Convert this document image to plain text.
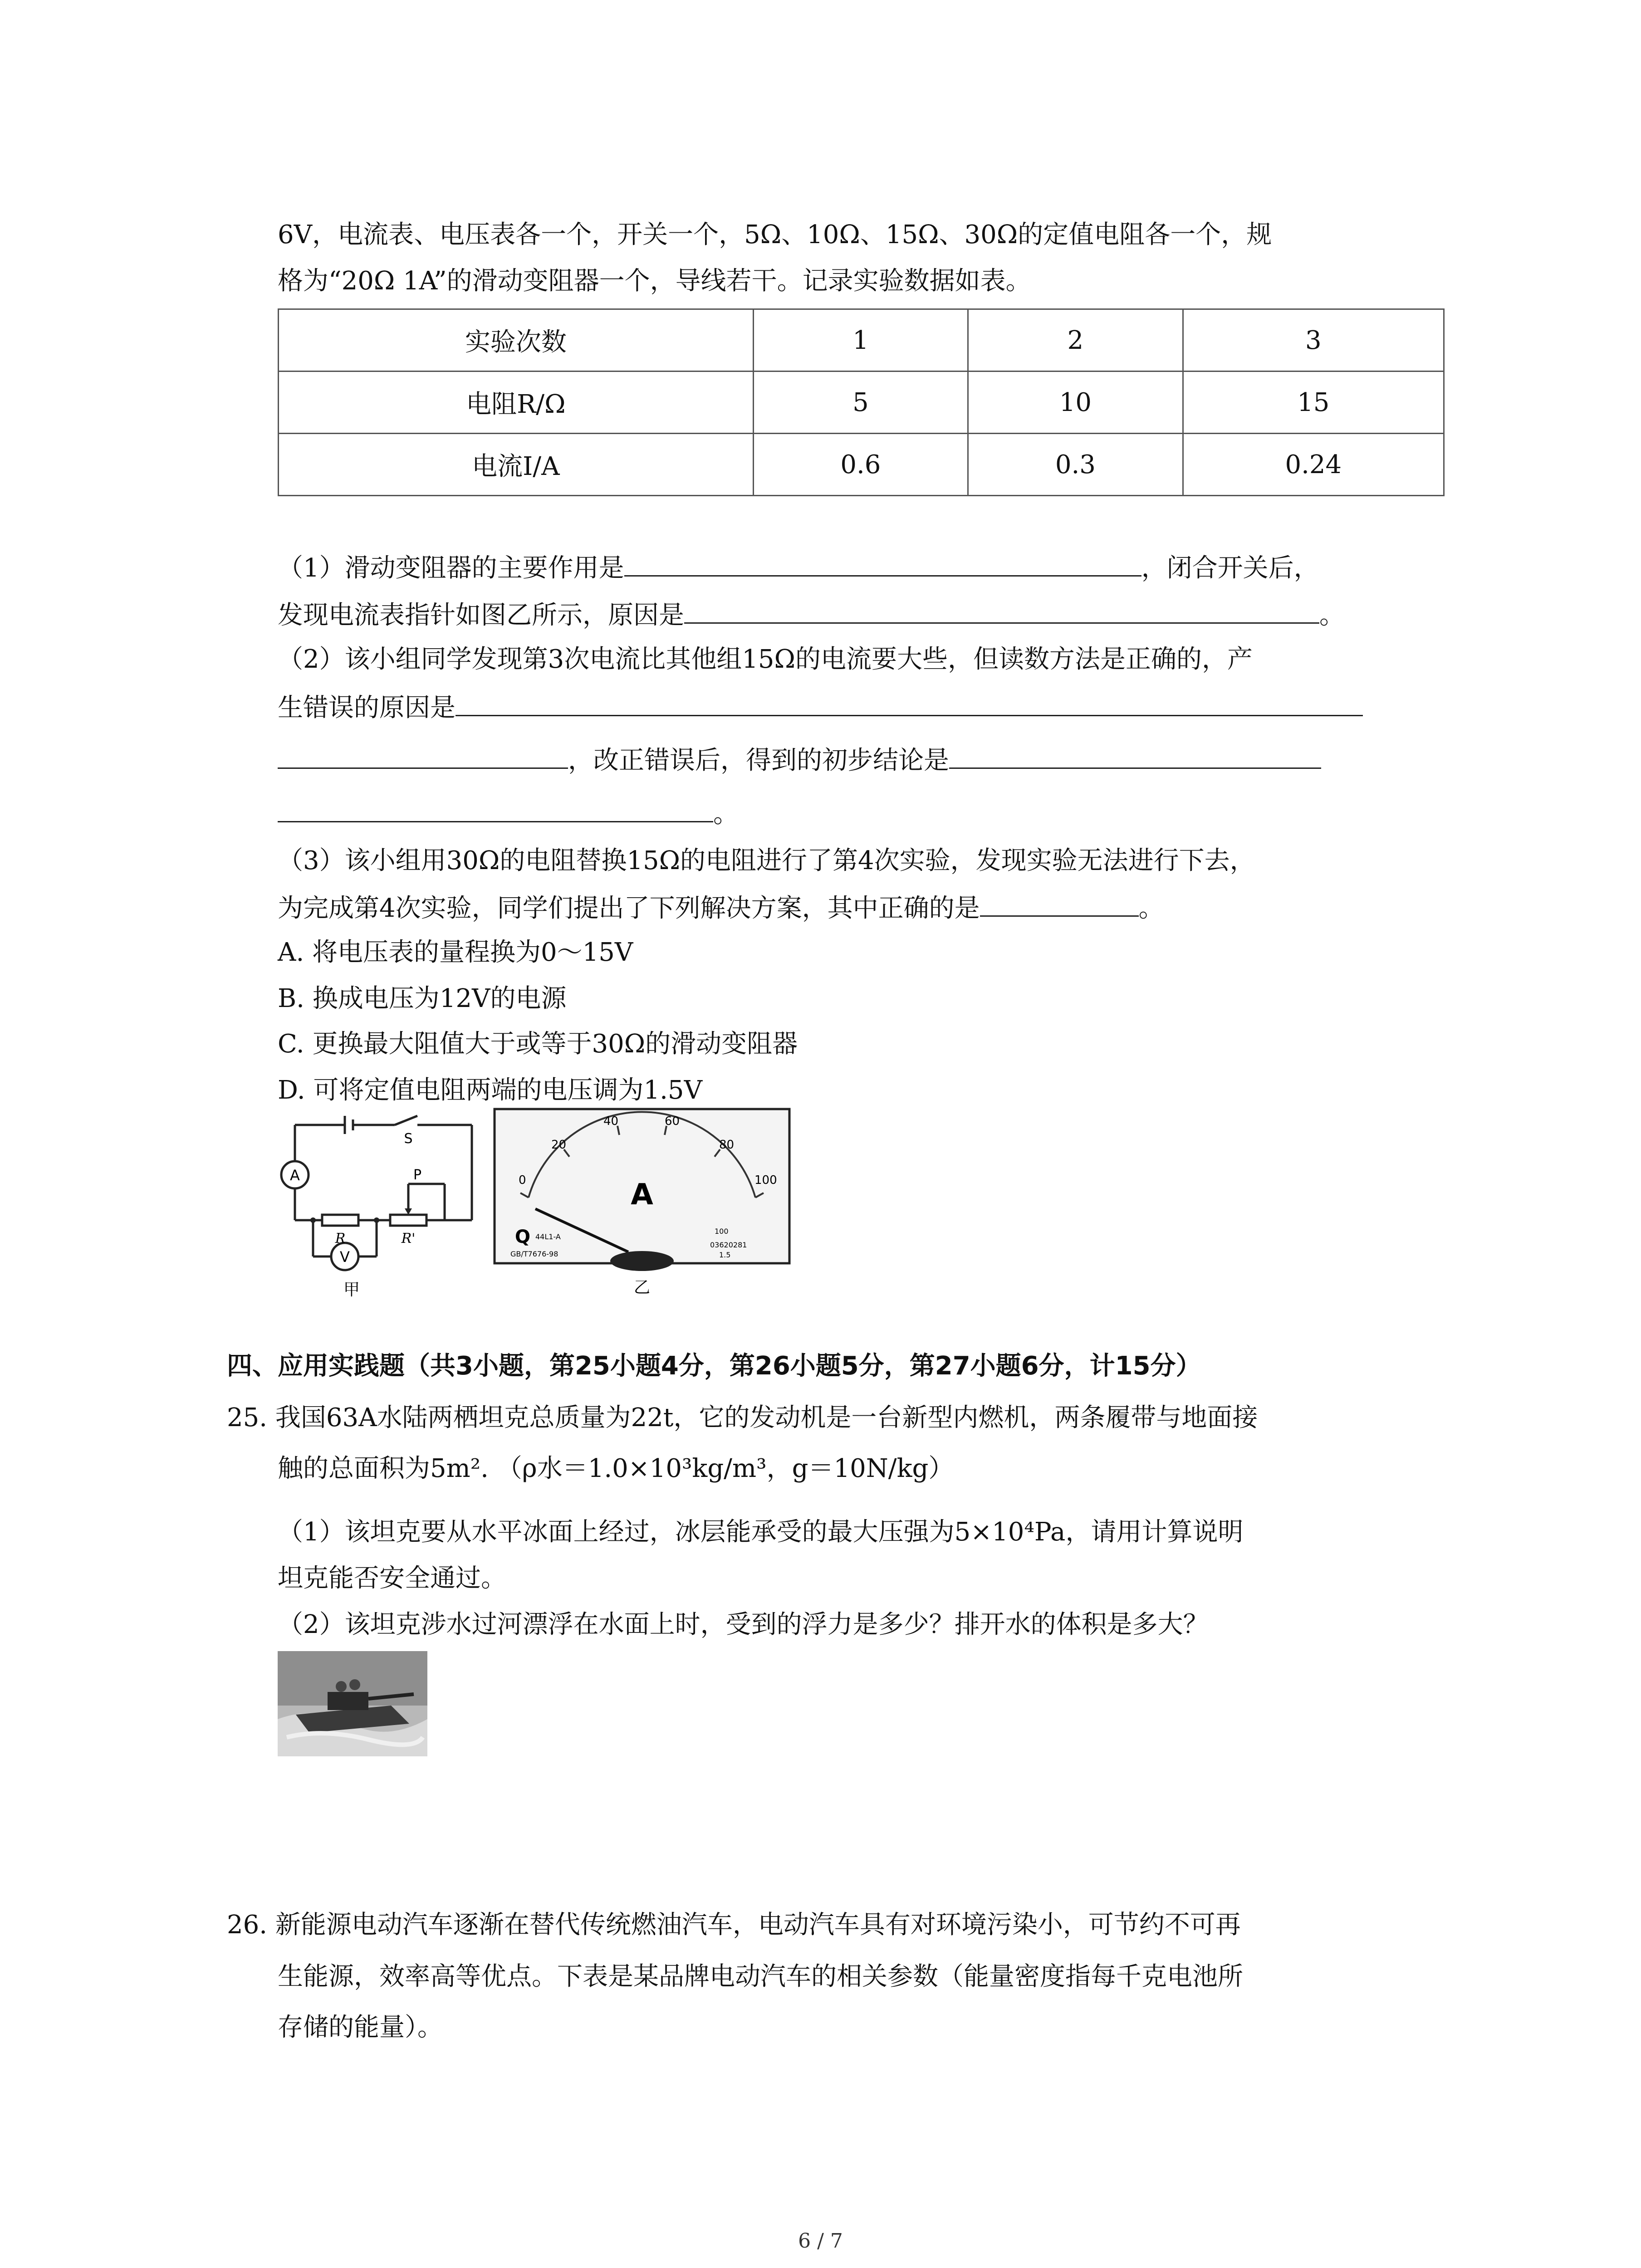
6V，电流表、电压表各一个，开关一个，5Ω、10Ω、15Ω、30Ω的定值电阻各一个，规
格为“20Ω 1A”的滑动变阻器一个，导线若干。记录实验数据如表。
实验次数	1	2	3
电阻R/Ω	5	10	15
电流I/A	0.6	0.3	0.24
（1）滑动变阻器的主要作用是	，闭合开关后，
发现电流表指针如图乙所示，原因是	。
（2）该小组同学发现第3次电流比其他组15Ω的电流要大些，但读数方法是正确的，产
生错误的原因是
，改正错误后，得到的初步结论是
。
（3）该小组用30Ω的电阻替换15Ω的电阻进行了第4次实验，发现实验无法进行下去，
为完成第4次实验，同学们提出了下列解决方案，其中正确的是	。
A. 将电压表的量程换为0～15V
B. 换成电压为12V的电源
C. 更换最大阻值大于或等于30Ω的滑动变阻器
D. 可将定值电阻两端的电压调为1.5V
A
S
P
R	R'
V
甲
0
20
40	60
80
100
A
Q 44L1-A
GB/T7676-98
100
03620281
1.5
乙
四、应用实践题（共3小题，第25小题4分，第26小题5分，第27小题6分，计15分）
25. 我国63A水陆两栖坦克总质量为22t，它的发动机是一台新型内燃机，两条履带与地面接
触的总面积为5m². （ρ水＝1.0×10³kg/m³，g＝10N/kg）
（1）该坦克要从水平冰面上经过，冰层能承受的最大压强为5×10⁴Pa，请用计算说明
坦克能否安全通过。
（2）该坦克涉水过河漂浮在水面上时，受到的浮力是多少？排开水的体积是多大？
26. 新能源电动汽车逐渐在替代传统燃油汽车，电动汽车具有对环境污染小，可节约不可再
生能源，效率高等优点。下表是某品牌电动汽车的相关参数（能量密度指每千克电池所
存储的能量）。
6 / 7
